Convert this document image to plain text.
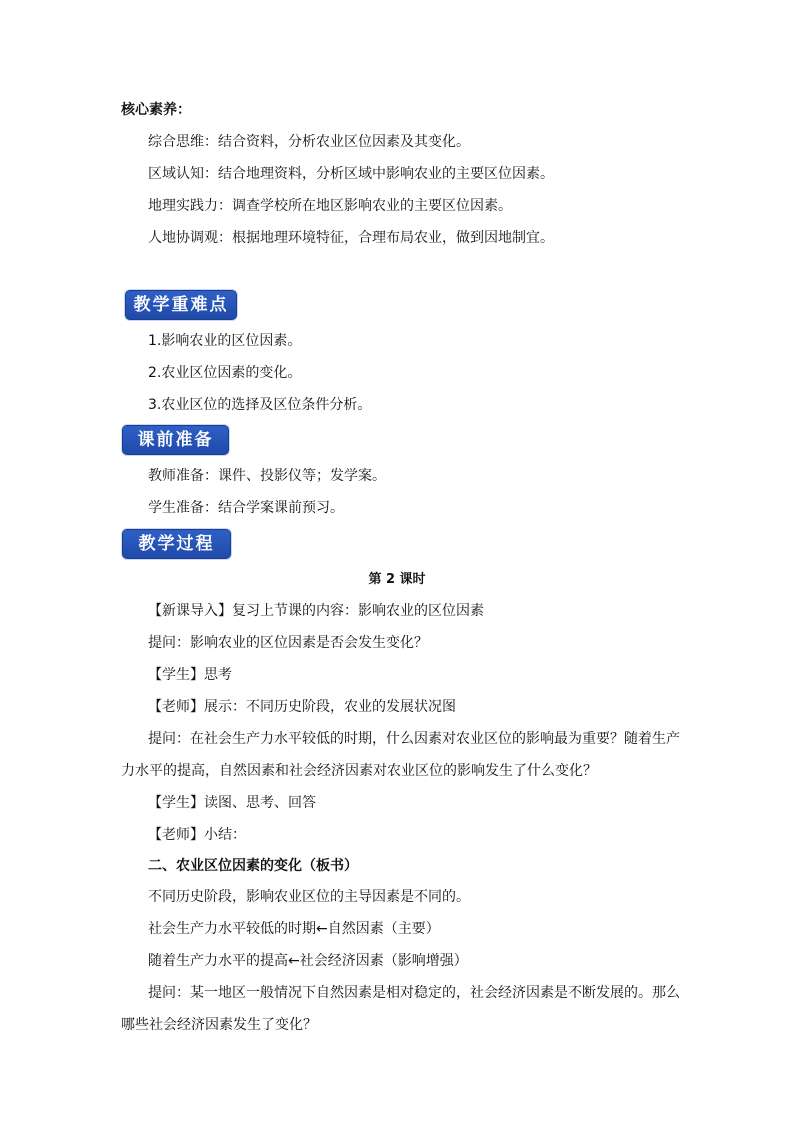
核心素养：
综合思维：结合资料，分析农业区位因素及其变化。
区域认知：结合地理资料，分析区域中影响农业的主要区位因素。
地理实践力：调查学校所在地区影响农业的主要区位因素。
人地协调观：根据地理环境特征，合理布局农业，做到因地制宜。
教学重难点
1.影响农业的区位因素。
2.农业区位因素的变化。
3.农业区位的选择及区位条件分析。
课前准备
教师准备：课件、投影仪等；发学案。
学生准备：结合学案课前预习。
教学过程
第 2 课时
【新课导入】复习上节课的内容：影响农业的区位因素
提问：影响农业的区位因素是否会发生变化？
【学生】思考
【老师】展示：不同历史阶段，农业的发展状况图
提问：在社会生产力水平较低的时期，什么因素对农业区位的影响最为重要？随着生产
力水平的提高，自然因素和社会经济因素对农业区位的影响发生了什么变化？
【学生】读图、思考、回答
【老师】小结：
二、农业区位因素的变化（板书）
不同历史阶段，影响农业区位的主导因素是不同的。
社会生产力水平较低的时期←自然因素（主要）
随着生产力水平的提高←社会经济因素（影响增强）
提问：某一地区一般情况下自然因素是相对稳定的，社会经济因素是不断发展的。那么
哪些社会经济因素发生了变化？
